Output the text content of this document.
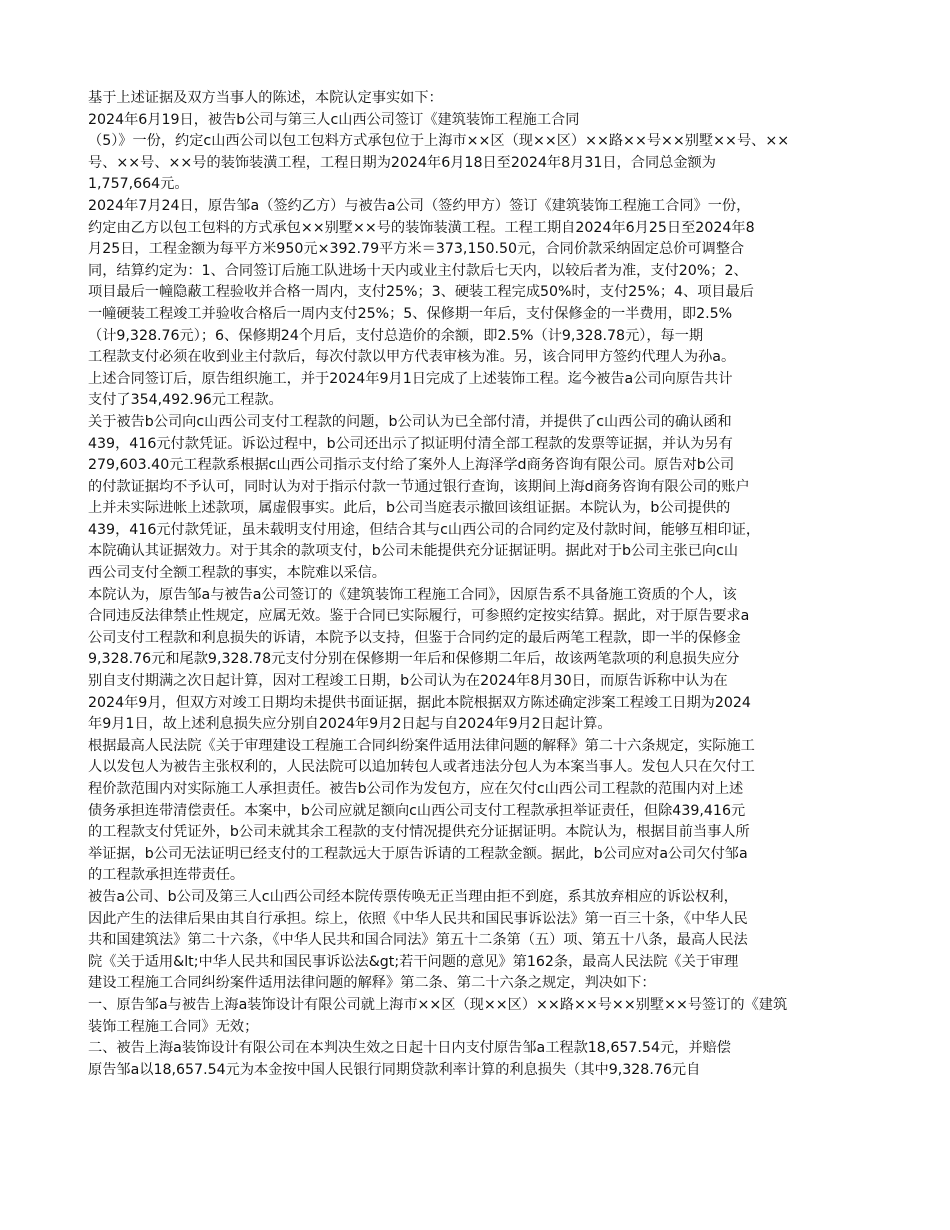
基于上述证据及双方当事人的陈述，本院认定事实如下：
2024年6月19日，被告b公司与第三人c山西公司签订《建筑装饰工程施工合同
（5）》一份，约定c山西公司以包工包料方式承包位于上海市××区（现××区）××路××号××别墅××号、××
号、××号、××号的装饰装潢工程，工程日期为2024年6月18日至2024年8月31日，合同总金额为
1,757,664元。
2024年7月24日，原告邹a（签约乙方）与被告a公司（签约甲方）签订《建筑装饰工程施工合同》一份，
约定由乙方以包工包料的方式承包××别墅××号的装饰装潢工程。工程工期自2024年6月25日至2024年8
月25日，工程金额为每平方米950元×392.79平方米＝373,150.50元，合同价款采纳固定总价可调整合
同，结算约定为：1、合同签订后施工队进场十天内或业主付款后七天内，以较后者为准，支付20%；2、
项目最后一幢隐蔽工程验收并合格一周内，支付25%；3、硬装工程完成50%时，支付25%；4、项目最后
一幢硬装工程竣工并验收合格后一周内支付25%；5、保修期一年后，支付保修金的一半费用，即2.5%
（计9,328.76元）；6、保修期24个月后，支付总造价的余额，即2.5%（计9,328.78元），每一期
工程款支付必须在收到业主付款后，每次付款以甲方代表审核为准。另，该合同甲方签约代理人为孙a。
上述合同签订后，原告组织施工，并于2024年9月1日完成了上述装饰工程。迄今被告a公司向原告共计
支付了354,492.96元工程款。
关于被告b公司向c山西公司支付工程款的问题，b公司认为已全部付清，并提供了c山西公司的确认函和
439，416元付款凭证。诉讼过程中，b公司还出示了拟证明付清全部工程款的发票等证据，并认为另有
279,603.40元工程款系根据c山西公司指示支付给了案外人上海泽学d商务咨询有限公司。原告对b公司
的付款证据均不予认可，同时认为对于指示付款一节通过银行查询，该期间上海d商务咨询有限公司的账户
上并未实际进帐上述款项，属虚假事实。此后，b公司当庭表示撤回该组证据。本院认为，b公司提供的
439，416元付款凭证，虽未载明支付用途，但结合其与c山西公司的合同约定及付款时间，能够互相印证，
本院确认其证据效力。对于其余的款项支付，b公司未能提供充分证据证明。据此对于b公司主张已向c山
西公司支付全额工程款的事实，本院难以采信。
本院认为，原告邹a与被告a公司签订的《建筑装饰工程施工合同》，因原告系不具备施工资质的个人，该
合同违反法律禁止性规定，应属无效。鉴于合同已实际履行，可参照约定按实结算。据此，对于原告要求a
公司支付工程款和利息损失的诉请，本院予以支持，但鉴于合同约定的最后两笔工程款，即一半的保修金
9,328.76元和尾款9,328.78元支付分别在保修期一年后和保修期二年后，故该两笔款项的利息损失应分
别自支付期满之次日起计算，因对工程竣工日期，b公司认为在2024年8月30日，而原告诉称中认为在
2024年9月，但双方对竣工日期均未提供书面证据，据此本院根据双方陈述确定涉案工程竣工日期为2024
年9月1日，故上述利息损失应分别自2024年9月2日起与自2024年9月2日起计算。
根据最高人民法院《关于审理建设工程施工合同纠纷案件适用法律问题的解释》第二十六条规定，实际施工
人以发包人为被告主张权利的，人民法院可以追加转包人或者违法分包人为本案当事人。发包人只在欠付工
程价款范围内对实际施工人承担责任。被告b公司作为发包方，应在欠付c山西公司工程款的范围内对上述
债务承担连带清偿责任。本案中，b公司应就足额向c山西公司支付工程款承担举证责任，但除439,416元
的工程款支付凭证外，b公司未就其余工程款的支付情况提供充分证据证明。本院认为，根据目前当事人所
举证据，b公司无法证明已经支付的工程款远大于原告诉请的工程款金额。据此，b公司应对a公司欠付邹a
的工程款承担连带责任。
被告a公司、b公司及第三人c山西公司经本院传票传唤无正当理由拒不到庭，系其放弃相应的诉讼权利，
因此产生的法律后果由其自行承担。综上，依照《中华人民共和国民事诉讼法》第一百三十条，《中华人民
共和国建筑法》第二十六条，《中华人民共和国合同法》第五十二条第（五）项、第五十八条，最高人民法
院《关于适用&lt;中华人民共和国民事诉讼法&gt;若干问题的意见》第162条，最高人民法院《关于审理
建设工程施工合同纠纷案件适用法律问题的解释》第二条、第二十六条之规定，判决如下：
一、原告邹a与被告上海a装饰设计有限公司就上海市××区（现××区）××路××号××别墅××号签订的《建筑
装饰工程施工合同》无效；
二、被告上海a装饰设计有限公司在本判决生效之日起十日内支付原告邹a工程款18,657.54元，并赔偿
原告邹a以18,657.54元为本金按中国人民银行同期贷款利率计算的利息损失（其中9,328.76元自
